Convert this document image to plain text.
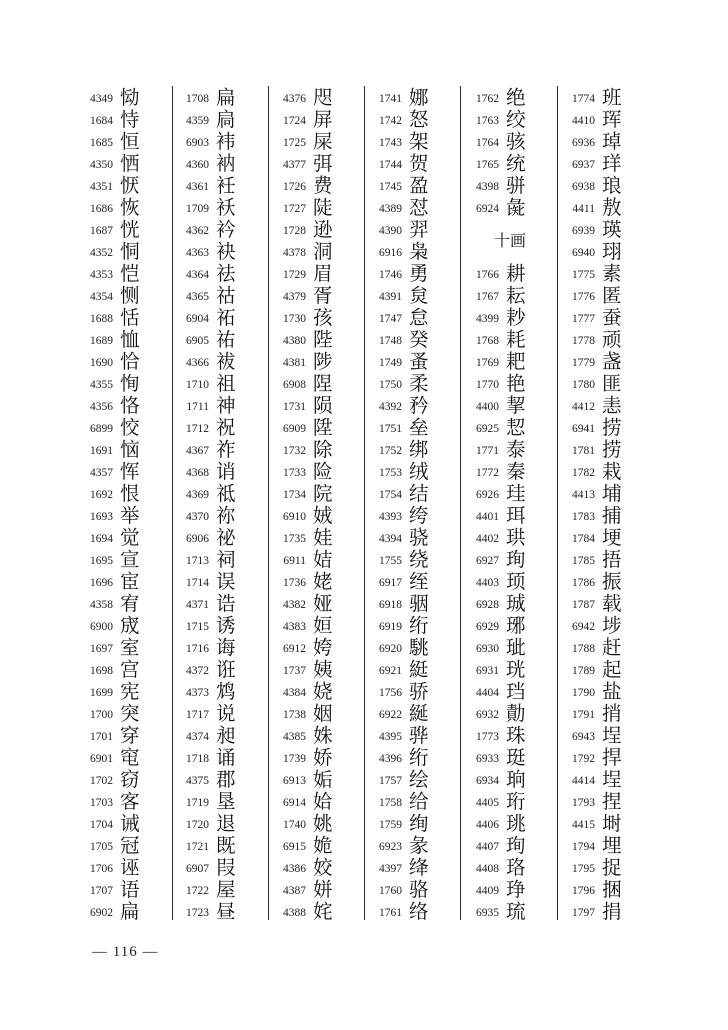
4349 恸
1684 恃
1685 恒
4350 恓
4351 恹
1686 恢
1687 恍
4352 恫
4353 恺
4354 恻
1688 恬
1689 恤
1690 恰
4355 恂
4356 恪
6899 恔
1691 恼
4357 恽
1692 恨
1693 举
1694 觉
1695 宣
1696 宦
4358 宥
6900 宬
1697 室
1698 宫
1699 宪
1700 突
1701 穿
6901 窀
1702 窃
1703 客
1704 诫
1705 冠
1706 诬
1707 语
6902 扁
1708 扁
4359 扃
6903 袆
4360 衲
4361 衽
1709 袄
4362 衿
4363 袂
4364 祛
4365 祜
6904 祏
6905 祐
4366 袚
1710 祖
1711 神
1712 祝
4367 祚
4368 诮
4369 祗
4370 祢
6906 祕
1713 祠
1714 误
4371 诰
1715 诱
1716 诲
4372 诳
4373 鸩
1717 说
4374 昶
1718 诵
4375 郡
1719 垦
1720 退
1721 既
6907 叚
1722 屋
1723 昼
4376 咫
1724 屏
1725 屎
4377 弭
1726 费
1727 陡
1728 逊
4378 洞
1729 眉
4379 胥
1730 孩
4380 陛
4381 陟
6908 陧
1731 陨
6909 陞
1732 除
1733 险
1734 院
6910 娀
1735 娃
6911 姞
1736 姥
4382 娅
4383 姮
6912 姱
1737 姨
4384 娆
1738 姻
4385 姝
1739 娇
6913 姤
6914 姶
1740 姚
6915 姽
4386 姣
4387 姘
4388 姹
1741 娜
1742 怒
1743 架
1744 贺
1745 盈
4389 怼
4390 羿
6916 枭
1746 勇
4391 炱
1747 怠
1748 癸
1749 蚤
1750 柔
4392 矜
1751 垒
1752 绑
1753 绒
1754 结
4393 绔
4394 骁
1755 绕
6917 绖
6918 骃
6919 绗
6920 駣
6921 綎
1756 骄
6922 綖
4395 骅
4396 绗
1757 绘
1758 给
1759 绚
6923 彖
4397 绛
1760 骆
1761 络
1762 绝
1763 绞
1764 骇
1765 统
4398 骈
6924 彘
十画
1766 耕
1767 耘
4399 耖
1768 耗
1769 耙
1770 艳
4400 挈
6925 恝
1771 泰
1772 秦
6926 珪
4401 珥
4402 珙
6927 珣
4403 顼
6928 珹
6929 琊
6930 玼
6931 珖
4404 珰
6932 勣
1773 珠
6933 珽
6934 珦
4405 珩
4406 珧
4407 珣
4408 珞
4409 琤
6935 琉
1774 班
4410 珲
6936 琸
6937 珜
6938 琅
4411 敖
6939 瑛
6940 珝
1775 素
1776 匿
1777 蚕
1778 顽
1779 盏
1780 匪
4412 恚
6941 捞
1781 捞
1782 栽
4413 埔
1783 捕
1784 埂
1785 捂
1786 振
1787 载
6942 埗
1788 赶
1789 起
1790 盐
1791 捎
6943 埕
1792 捍
4414 埕
1793 捏
4415 埘
1794 埋
1795 捉
1796 捆
1797 捐
— 116 —
